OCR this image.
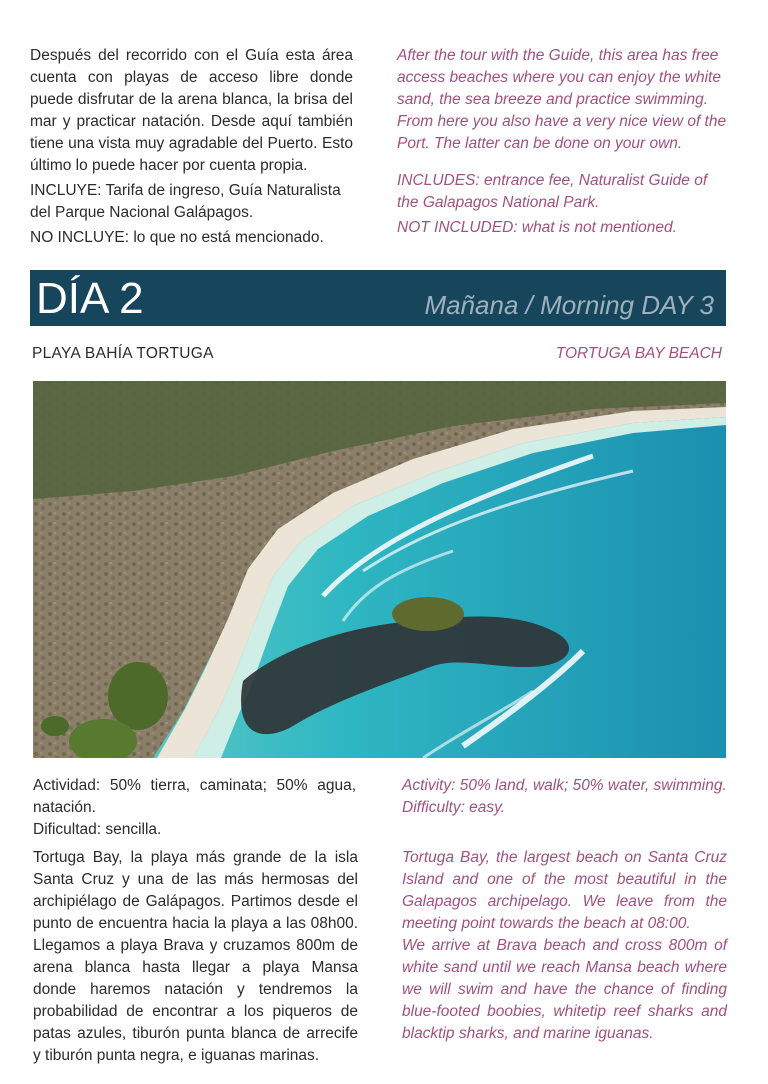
Después del recorrido con el Guía esta área cuenta con playas de acceso libre donde puede disfrutar de la arena blanca, la brisa del mar y practicar natación. Desde aquí también tiene una vista muy agradable del Puerto. Esto último lo puede hacer por cuenta propia.

INCLUYE: Tarifa de ingreso, Guía Naturalista del Parque Nacional Galápagos.

NO INCLUYE: lo que no está mencionado.

After the tour with the Guide, this area has free access beaches where you can enjoy the white sand, the sea breeze and practice swimming. From here you also have a very nice view of the Port. The latter can be done on your own.

INCLUDES: entrance fee, Naturalist Guide of the Galapagos National Park.

NOT INCLUDED: what is not mentioned.

DÍA 2	Mañana / Morning DAY 3
PLAYA BAHÍA TORTUGA	TORTUGA BAY BEACH

Actividad: 50% tierra, caminata; 50% agua, natación.

Dificultad: sencilla.

Activity: 50% land, walk; 50% water, swimming.

Difficulty: easy.

Tortuga Bay, la playa más grande de la isla Santa Cruz y una de las más hermosas del archipiélago de Galápagos. Partimos desde el punto de encuentra hacia la playa a las 08h00. Llegamos a playa Brava y cruzamos 800m de arena blanca hasta llegar a playa Mansa donde haremos natación y tendremos la probabilidad de encontrar a los piqueros de patas azules, tiburón punta blanca de arrecife y tiburón punta negra, e iguanas marinas.

Tortuga Bay, the largest beach on Santa Cruz Island and one of the most beautiful in the Galapagos archipelago. We leave from the meeting point towards the beach at 08:00.

We arrive at Brava beach and cross 800m of white sand until we reach Mansa beach where we will swim and have the chance of finding blue-footed boobies, whitetip reef sharks and blacktip sharks, and marine iguanas.
